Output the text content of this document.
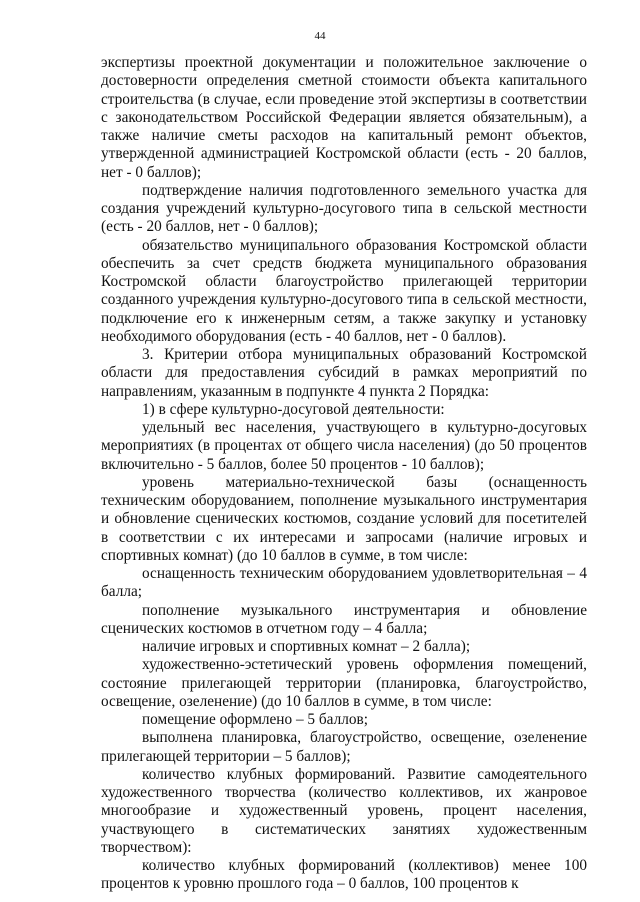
44

экспертизы проектной документации и положительное заключение о достоверности определения сметной стоимости объекта капитального строительства (в случае, если проведение этой экспертизы в соответствии с законодательством Российской Федерации является обязательным), а также наличие сметы расходов на капитальный ремонт объектов, утвержденной администрацией Костромской области (есть - 20 баллов, нет - 0 баллов);

подтверждение наличия подготовленного земельного участка для создания учреждений культурно-досугового типа в сельской местности (есть - 20 баллов, нет - 0 баллов);

обязательство муниципального образования Костромской области обеспечить за счет средств бюджета муниципального образования Костромской области благоустройство прилегающей территории созданного учреждения культурно-досугового типа в сельской местности, подключение его к инженерным сетям, а также закупку и установку необходимого оборудования (есть - 40 баллов, нет - 0 баллов).

3. Критерии отбора муниципальных образований Костромской области для предоставления субсидий в рамках мероприятий по направлениям, указанным в подпункте 4 пункта 2 Порядка:

1) в сфере культурно-досуговой деятельности:

удельный вес населения, участвующего в культурно-досуговых мероприятиях (в процентах от общего числа населения) (до 50 процентов включительно - 5 баллов, более 50 процентов - 10 баллов);

уровень материально-технической базы (оснащенность техническим оборудованием, пополнение музыкального инструментария и обновление сценических костюмов, создание условий для посетителей в соответствии с их интересами и запросами (наличие игровых и спортивных комнат) (до 10 баллов в сумме, в том числе:

оснащенность техническим оборудованием удовлетворительная – 4 балла;

пополнение музыкального инструментария и обновление сценических костюмов в отчетном году – 4 балла;

наличие игровых и спортивных комнат – 2 балла);

художественно-эстетический уровень оформления помещений, состояние прилегающей территории (планировка, благоустройство, освещение, озеленение) (до 10 баллов в сумме, в том числе:

помещение оформлено – 5 баллов;

выполнена планировка, благоустройство, освещение, озеленение прилегающей территории – 5 баллов);

количество клубных формирований. Развитие самодеятельного художественного творчества (количество коллективов, их жанровое многообразие и художественный уровень, процент населения, участвующего в систематических занятиях художественным творчеством):

количество клубных формирований (коллективов) менее 100 процентов к уровню прошлого года – 0 баллов, 100 процентов к
